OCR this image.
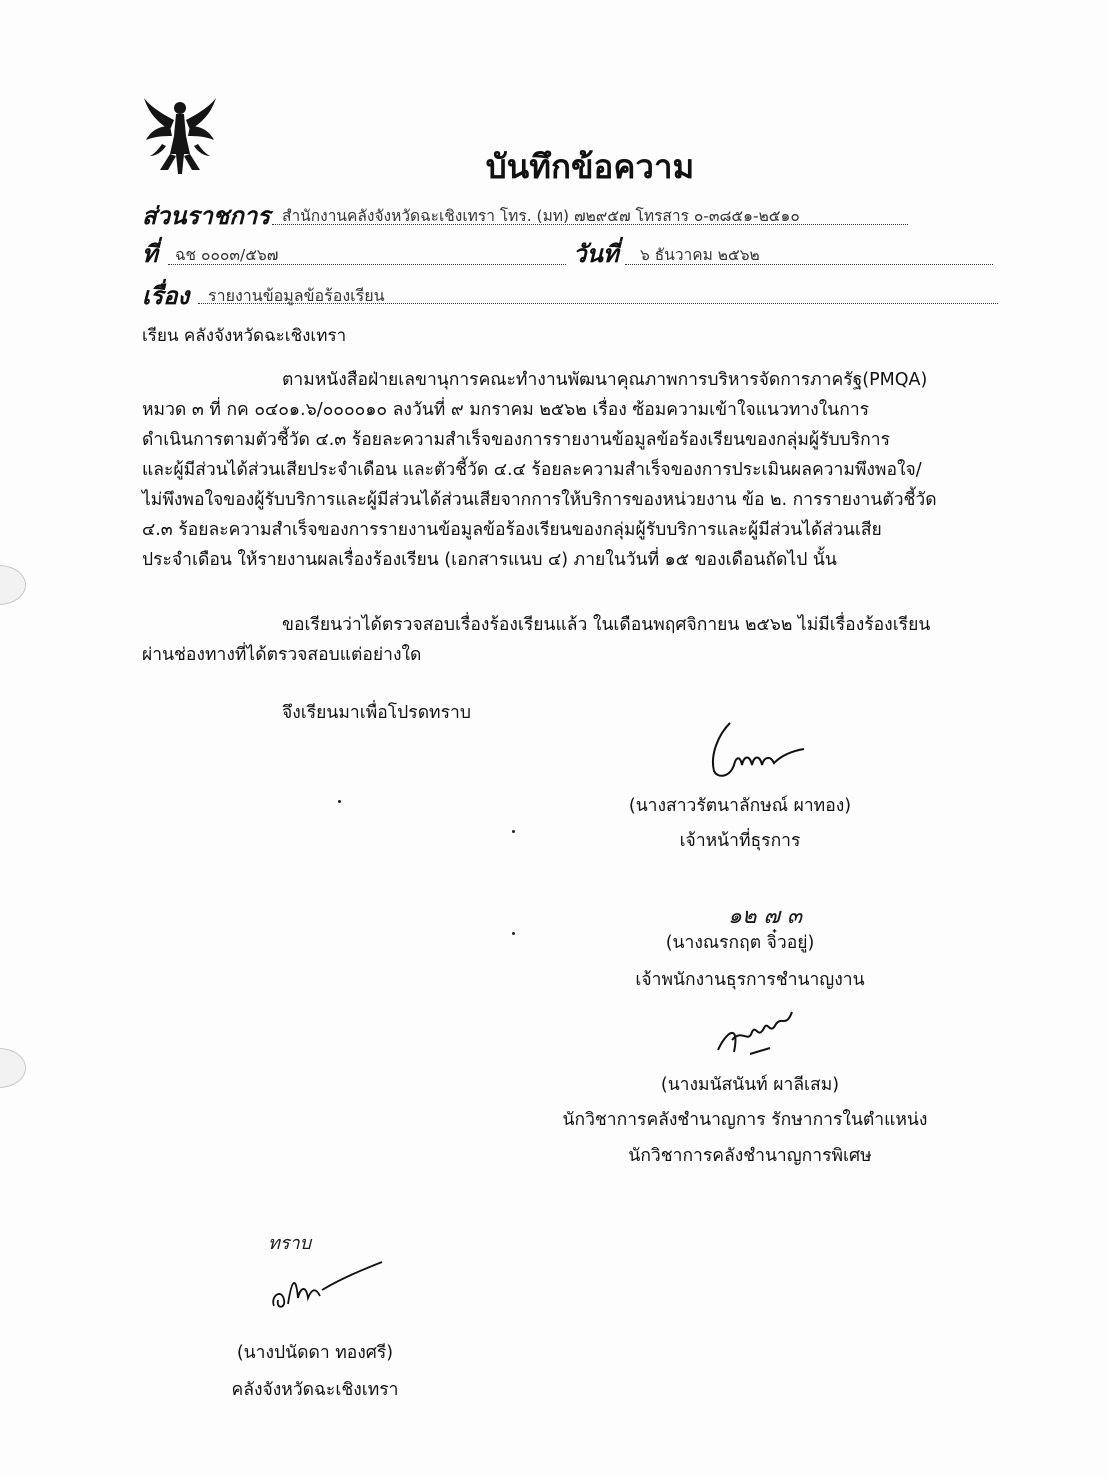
บันทึกข้อความ
ส่วนราชการ สำนักงานคลังจังหวัดฉะเชิงเทรา โทร. (มท) ๗๒๙๕๗ โทรสาร ๐-๓๘๕๑-๒๕๑๐
ที่ ฉช ๐๐๐๓/๕๖๗	วันที่ ๖ ธันวาคม ๒๕๖๒
เรื่อง รายงานข้อมูลข้อร้องเรียน
เรียน คลังจังหวัดฉะเชิงเทรา
ตามหนังสือฝ่ายเลขานุการคณะทำงานพัฒนาคุณภาพการบริหารจัดการภาครัฐ(PMQA)
หมวด ๓ ที่ กค ๐๔๐๑.๖/๐๐๐๐๑๐ ลงวันที่ ๙ มกราคม ๒๕๖๒ เรื่อง ซ้อมความเข้าใจแนวทางในการ
ดำเนินการตามตัวชี้วัด ๔.๓ ร้อยละความสำเร็จของการรายงานข้อมูลข้อร้องเรียนของกลุ่มผู้รับบริการ
และผู้มีส่วนได้ส่วนเสียประจำเดือน และตัวชี้วัด ๔.๔ ร้อยละความสำเร็จของการประเมินผลความพึงพอใจ/
ไม่พึงพอใจของผู้รับบริการและผู้มีส่วนได้ส่วนเสียจากการให้บริการของหน่วยงาน ข้อ ๒. การรายงานตัวชี้วัด
๔.๓ ร้อยละความสำเร็จของการรายงานข้อมูลข้อร้องเรียนของกลุ่มผู้รับบริการและผู้มีส่วนได้ส่วนเสีย
ประจำเดือน ให้รายงานผลเรื่องร้องเรียน (เอกสารแนบ ๔) ภายในวันที่ ๑๕ ของเดือนถัดไป นั้น
ขอเรียนว่าได้ตรวจสอบเรื่องร้องเรียนแล้ว ในเดือนพฤศจิกายน ๒๕๖๒ ไม่มีเรื่องร้องเรียน
ผ่านช่องทางที่ได้ตรวจสอบแต่อย่างใด
จึงเรียนมาเพื่อโปรดทราบ
(นางสาวรัตนาลักษณ์ ผาทอง)
เจ้าหน้าที่ธุรการ
๑๒ ๗ ๓
(นางณรกฤต จิ๋วอยู่)
เจ้าพนักงานธุรการชำนาญงาน
(นางมนัสนันท์ ผาลีเสม)
นักวิชาการคลังชำนาญการ รักษาการในตำแหน่ง
นักวิชาการคลังชำนาญการพิเศษ
ทราบ
(นางปนัดดา ทองศรี)
คลังจังหวัดฉะเชิงเทรา
